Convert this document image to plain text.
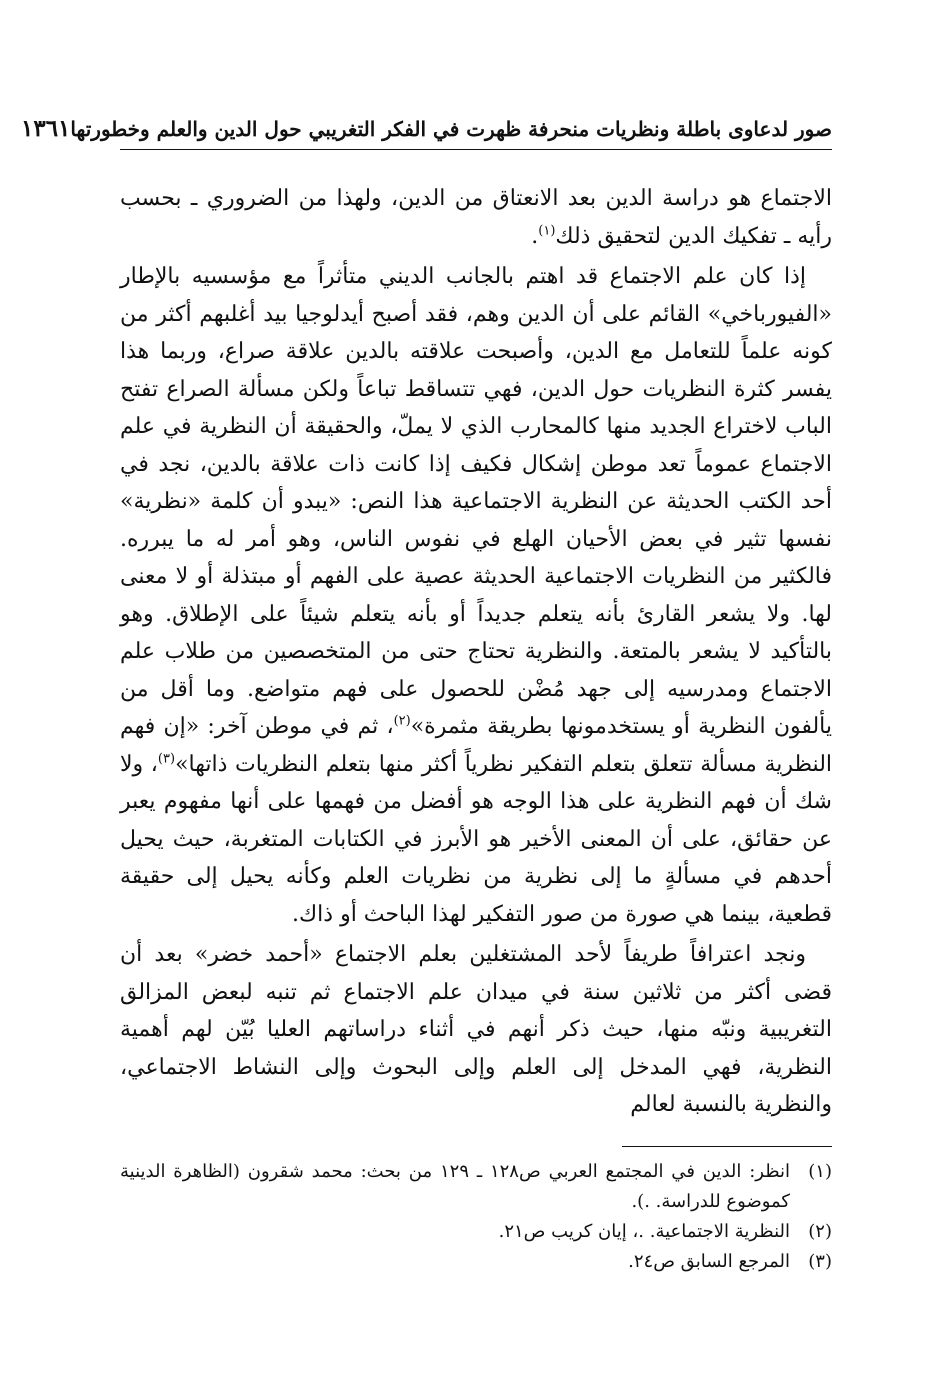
صور لدعاوى باطلة ونظريات منحرفة ظهرت في الفكر التغريبي حول الدين والعلم وخطورتها
١٣٦١

الاجتماع هو دراسة الدين بعد الانعتاق من الدين، ولهذا من الضروري ـ بحسب رأيه ـ تفكيك الدين لتحقيق ذلك$^{(١)}$.

إذا كان علم الاجتماع قد اهتم بالجانب الديني متأثراً مع مؤسسيه بالإطار «الفيورباخي» القائم على أن الدين وهم، فقد أصبح أيدلوجيا بيد أغلبهم أكثر من كونه علماً للتعامل مع الدين، وأصبحت علاقته بالدين علاقة صراع، وربما هذا يفسر كثرة النظريات حول الدين، فهي تتساقط تباعاً ولكن مسألة الصراع تفتح الباب لاختراع الجديد منها كالمحارب الذي لا يملّ، والحقيقة أن النظرية في علم الاجتماع عموماً تعد موطن إشكال فكيف إذا كانت ذات علاقة بالدين، نجد في أحد الكتب الحديثة عن النظرية الاجتماعية هذا النص: «يبدو أن كلمة «نظرية» نفسها تثير في بعض الأحيان الهلع في نفوس الناس، وهو أمر له ما يبرره. فالكثير من النظريات الاجتماعية الحديثة عصية على الفهم أو مبتذلة أو لا معنى لها. ولا يشعر القارئ بأنه يتعلم جديداً أو بأنه يتعلم شيئاً على الإطلاق. وهو بالتأكيد لا يشعر بالمتعة. والنظرية تحتاج حتى من المتخصصين من طلاب علم الاجتماع ومدرسيه إلى جهد مُضْن للحصول على فهم متواضع. وما أقل من يألفون النظرية أو يستخدمونها بطريقة مثمرة»$^{(٢)}$، ثم في موطن آخر: «إن فهم النظرية مسألة تتعلق بتعلم التفكير نظرياً أكثر منها بتعلم النظريات ذاتها»$^{(٣)}$، ولا شك أن فهم النظرية على هذا الوجه هو أفضل من فهمها على أنها مفهوم يعبر عن حقائق، على أن المعنى الأخير هو الأبرز في الكتابات المتغربة، حيث يحيل أحدهم في مسألةٍ ما إلى نظرية من نظريات العلم وكأنه يحيل إلى حقيقة قطعية، بينما هي صورة من صور التفكير لهذا الباحث أو ذاك.

ونجد اعترافاً طريفاً لأحد المشتغلين بعلم الاجتماع «أحمد خضر» بعد أن قضى أكثر من ثلاثين سنة في ميدان علم الاجتماع ثم تنبه لبعض المزالق التغريبية ونبّه منها، حيث ذكر أنهم في أثناء دراساتهم العليا بُيّن لهم أهمية النظرية، فهي المدخل إلى العلم وإلى البحوث وإلى النشاط الاجتماعي، والنظرية بالنسبة لعالم

(١)
انظر: الدين في المجتمع العربي ص١٢٨ ـ ١٢٩ من بحث: محمد شقرون (الظاهرة الدينية كموضوع للدراسة. .).
(٢)
النظرية الاجتماعية. .، إيان كريب ص٢١.
(٣)
المرجع السابق ص٢٤.
